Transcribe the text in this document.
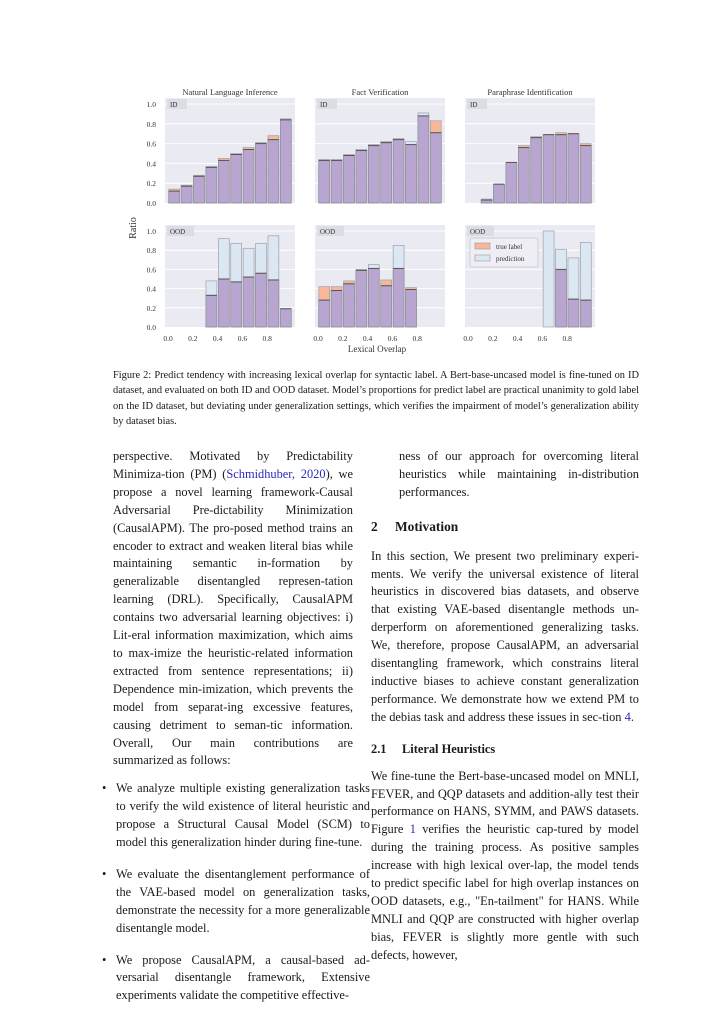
ID
Natural Language Inference
0.0
0.2
0.4
0.6
0.8
1.0	ID
Fact Verification
ID
Paraphrase Identification
OOD
0.0
0.2
0.4
0.6
0.8
1.0
0.0 0.2 0.4 0.6 0.8
OOD
0.0 0.2 0.4 0.6 0.8
OOD
0.0 0.2 0.4 0.6 0.8
true label
prediction
Ratio
Lexical Overlap
Figure 2: Predict tendency with increasing lexical overlap for syntactic label. A Bert-base-uncased model is fine-tuned on ID dataset, and evaluated on both ID and OOD dataset. Model’s proportions for predict label are practical unanimity to gold label on the ID dataset, but deviating under generalization settings, which verifies the impairment of model’s generalization ability by dataset bias.

perspective. Motivated by Predictability Minimiza-tion (PM) (Schmidhuber, 2020), we propose a novel learning framework-Causal Adversarial Pre-dictability Minimization (CausalAPM). The pro-posed method trains an encoder to extract and weaken literal bias while maintaining semantic in-formation by generalizable disentangled represen-tation learning (DRL). Specifically, CausalAPM contains two adversarial learning objectives: i) Lit-eral information maximization, which aims to max-imize the heuristic-related information extracted from sentence representations; ii) Dependence min-imization, which prevents the model from separat-ing excessive features, causing detriment to seman-tic information. Overall, Our main contributions are summarized as follows:

• We analyze multiple existing generalization tasks to verify the wild existence of literal heuristic and propose a Structural Causal Model (SCM) to model this generalization hinder during fine-tune.
• We evaluate the disentanglement performance of the VAE-based model on generalization tasks, demonstrate the necessity for a more generalizable disentangle model.
• We propose CausalAPM, a causal-based ad-versarial disentangle framework, Extensive experiments validate the competitive effective-

ness of our approach for overcoming literal heuristics while maintaining in-distribution performances.

2 Motivation

In this section, We present two preliminary experi-ments. We verify the universal existence of literal heuristics in discovered bias datasets, and observe that existing VAE-based disentangle methods un-derperform on aforementioned generalizing tasks. We, therefore, propose CausalAPM, an adversarial disentangling framework, which constrains literal inductive biases to achieve constant generalization performance. We demonstrate how we extend PM to the debias task and address these issues in sec-tion 4.

2.1 Literal Heuristics

We fine-tune the Bert-base-uncased model on MNLI, FEVER, and QQP datasets and addition-ally test their performance on HANS, SYMM, and PAWS datasets. Figure 1 verifies the heuristic cap-tured by model during the training process. As positive samples increase with high lexical over-lap, the model tends to predict specific label for high overlap instances on OOD datasets, e.g., "En-tailment" for HANS. While MNLI and QQP are constructed with higher overlap bias, FEVER is slightly more gentle with such defects, however,
